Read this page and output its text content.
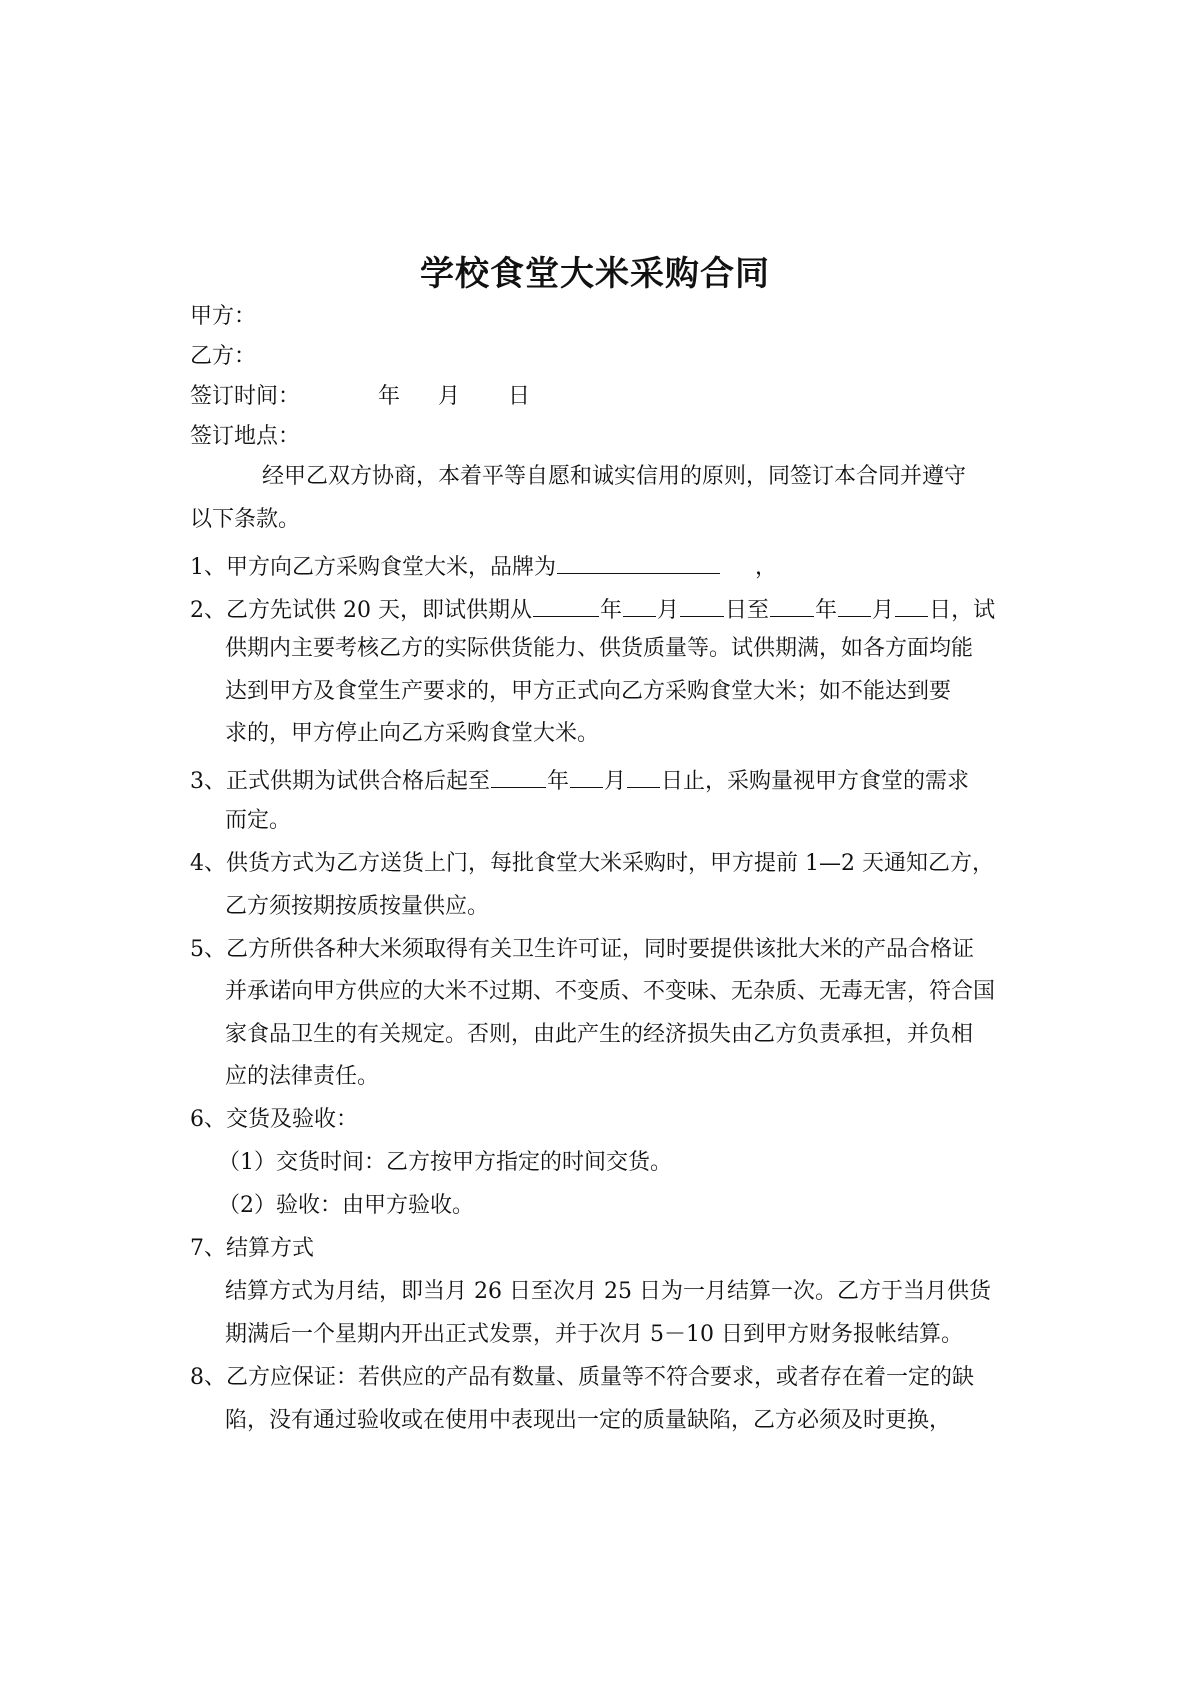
学校食堂大米采购合同
甲方：
乙方：
签订时间：	年 月 日
签订地点：
经甲乙双方协商，本着平等自愿和诚实信用的原则，同签订本合同并遵守
以下条款。
1、甲方向乙方采购食堂大米，品牌为	，
2、乙方先试供 20 天，即试供期从	年 月 日至 年 月 日，试
供期内主要考核乙方的实际供货能力、供货质量等。试供期满，如各方面均能
达到甲方及食堂生产要求的，甲方正式向乙方采购食堂大米；如不能达到要
求的，甲方停止向乙方采购食堂大米。
3、正式供期为试供合格后起至	年 月 日止，采购量视甲方食堂的需求
而定。
4、供货方式为乙方送货上门，每批食堂大米采购时，甲方提前 1—2 天通知乙方，
乙方须按期按质按量供应。
5、乙方所供各种大米须取得有关卫生许可证，同时要提供该批大米的产品合格证
并承诺向甲方供应的大米不过期、不变质、不变味、无杂质、无毒无害，符合国
家食品卫生的有关规定。否则，由此产生的经济损失由乙方负责承担，并负相
应的法律责任。
6、交货及验收：
（1）交货时间：乙方按甲方指定的时间交货。
（2）验收：由甲方验收。
7、结算方式
结算方式为月结，即当月 26 日至次月 25 日为一月结算一次。乙方于当月供货
期满后一个星期内开出正式发票，并于次月 5－10 日到甲方财务报帐结算。
8、乙方应保证：若供应的产品有数量、质量等不符合要求，或者存在着一定的缺
陷，没有通过验收或在使用中表现出一定的质量缺陷，乙方必须及时更换，
